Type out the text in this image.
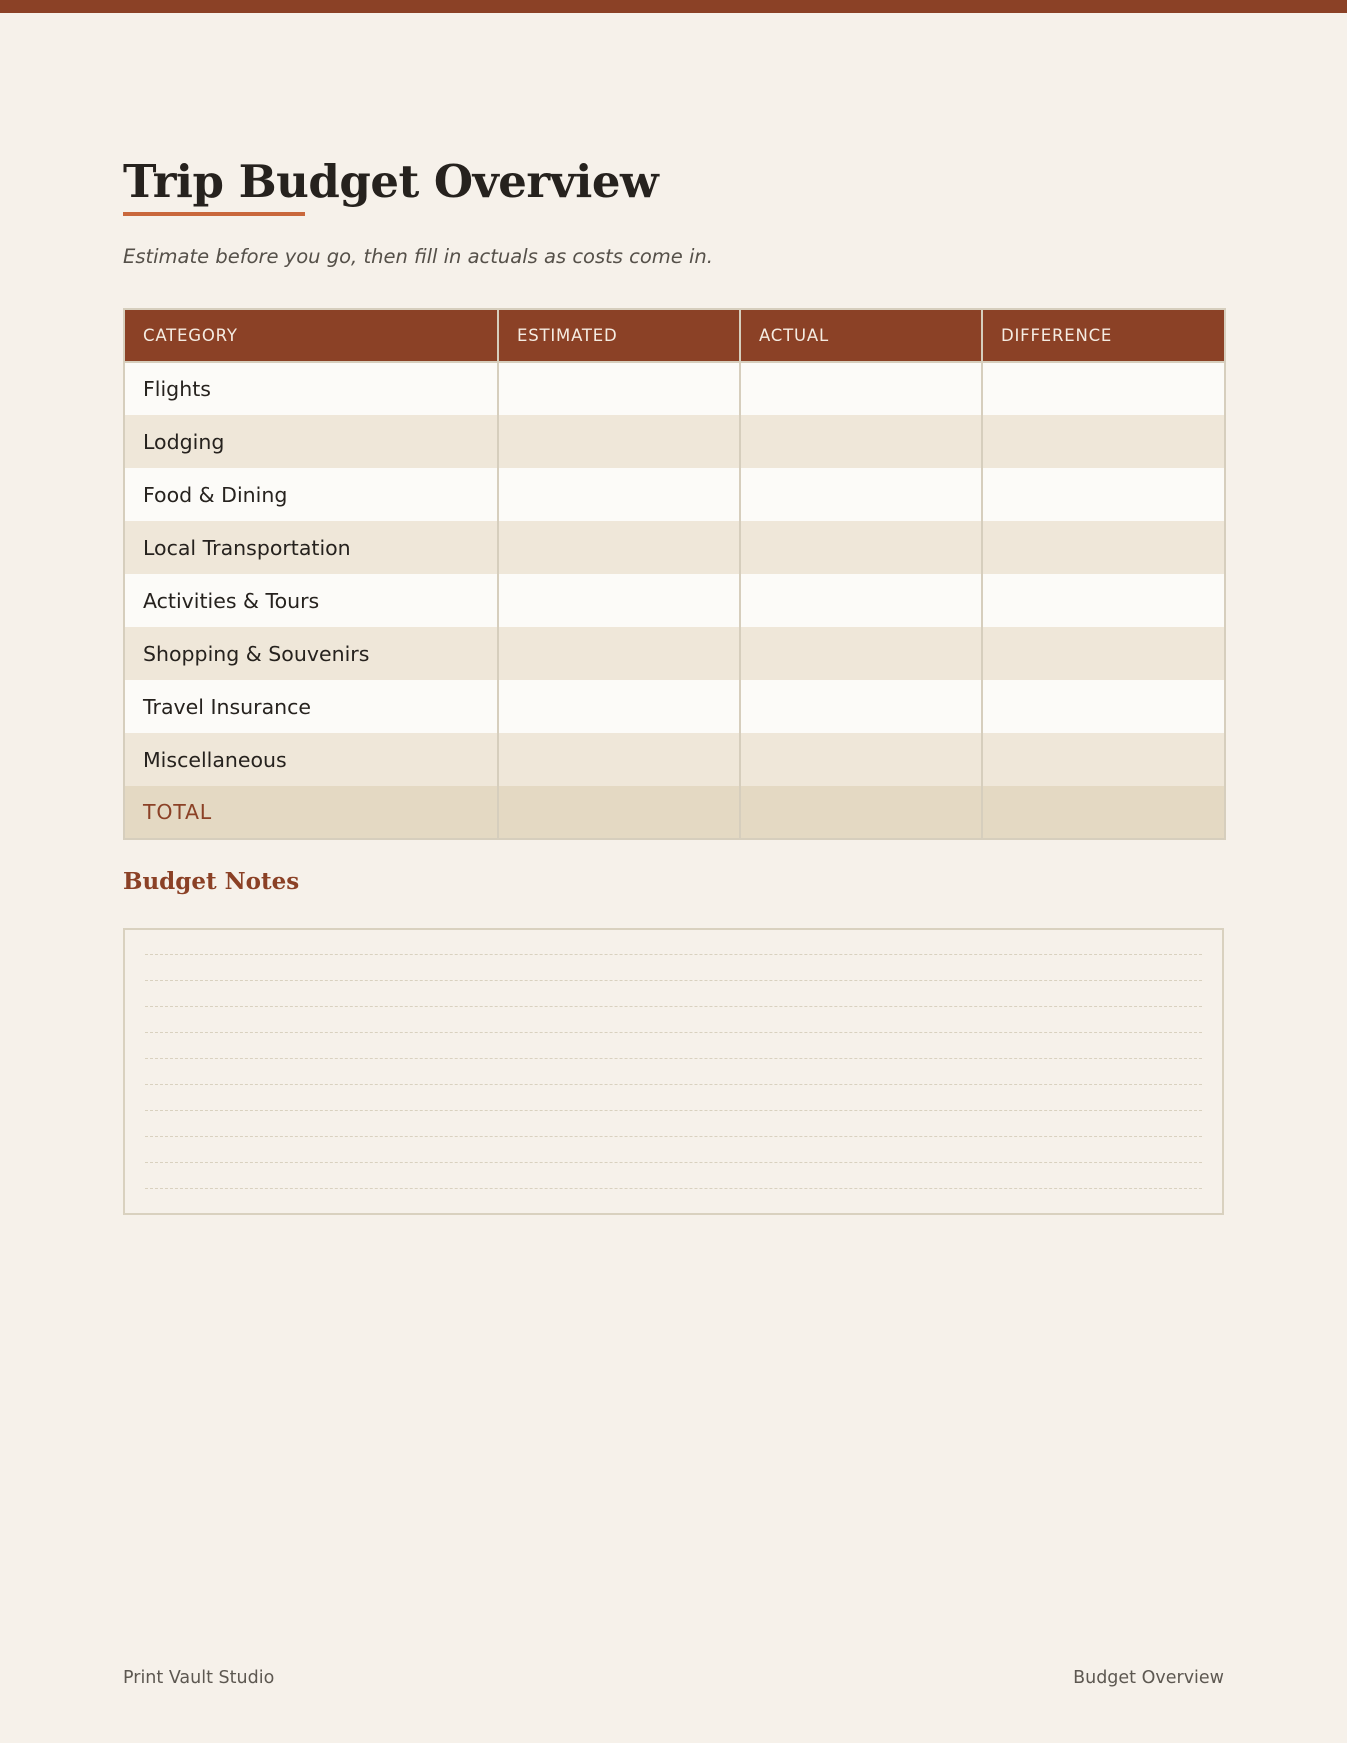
Trip Budget Overview
Estimate before you go, then fill in actuals as costs come in.
CATEGORY	ESTIMATED	ACTUAL	DIFFERENCE
Flights			
Lodging			
Food & Dining			
Local Transportation			
Activities & Tours			
Shopping & Souvenirs			
Travel Insurance			
Miscellaneous			
TOTAL			
Budget Notes
Print Vault Studio	Budget Overview
